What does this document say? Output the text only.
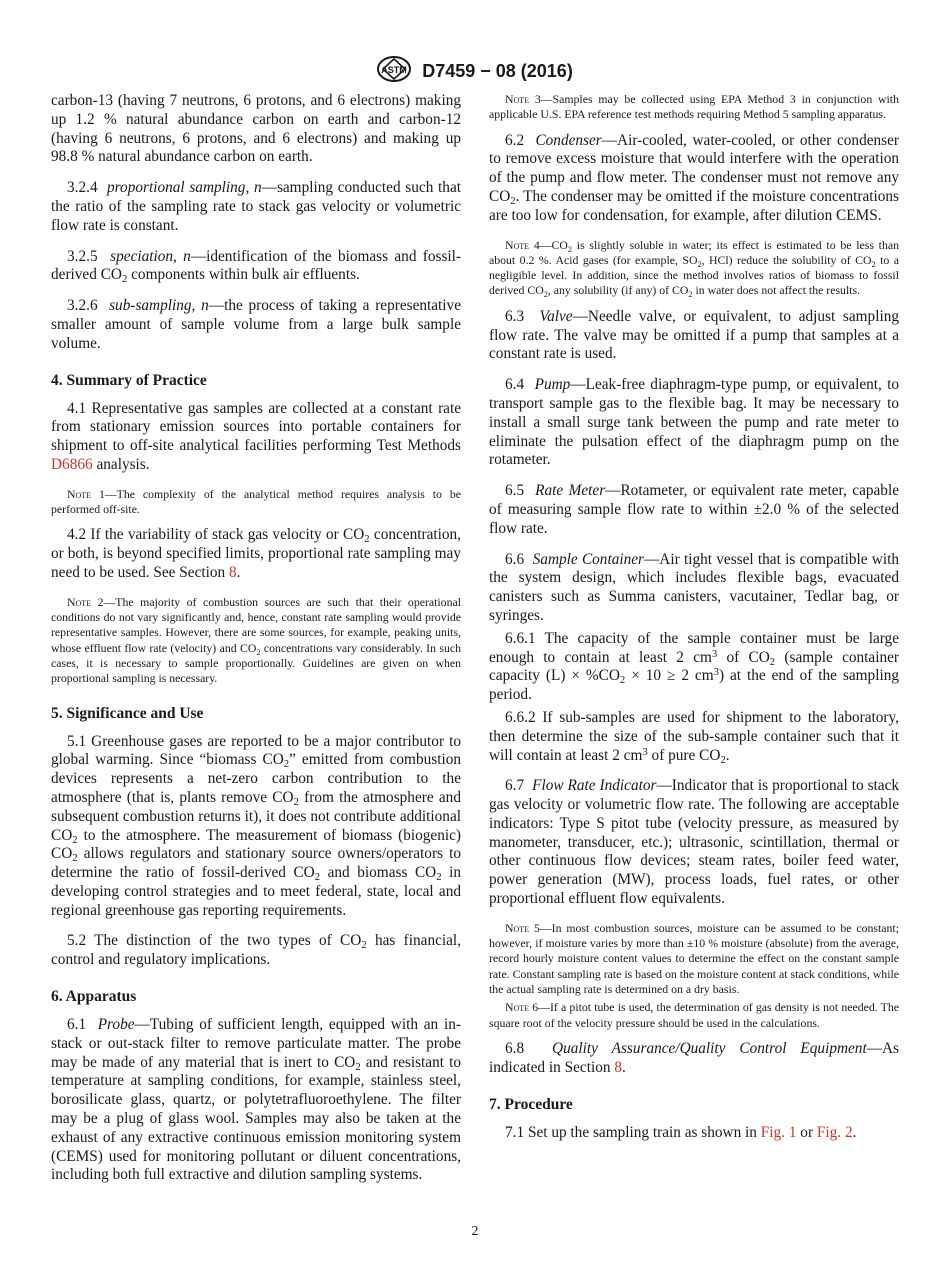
ASTM D7459 − 08 (2016)

carbon-13 (having 7 neutrons, 6 protons, and 6 electrons) making up 1.2 % natural abundance carbon on earth and carbon-12 (having 6 neutrons, 6 protons, and 6 electrons) and making up 98.8 % natural abundance carbon on earth.

3.2.4 proportional sampling, n—sampling conducted such that the ratio of the sampling rate to stack gas velocity or volumetric flow rate is constant.

3.2.5 speciation, n—identification of the biomass and fossil-derived $CO_2$ components within bulk air effluents.

3.2.6 sub-sampling, n—the process of taking a representative smaller amount of sample volume from a large bulk sample volume.

4. Summary of Practice

4.1 Representative gas samples are collected at a constant rate from stationary emission sources into portable containers for shipment to off-site analytical facilities performing Test Methods D6866 analysis.

Note 1—The complexity of the analytical method requires analysis to be performed off-site.

4.2 If the variability of stack gas velocity or $CO_2$ concentration, or both, is beyond specified limits, proportional rate sampling may need to be used. See Section 8.

Note 2—The majority of combustion sources are such that their operational conditions do not vary significantly and, hence, constant rate sampling would provide representative samples. However, there are some sources, for example, peaking units, whose effluent flow rate (velocity) and $CO_2$ concentrations vary considerably. In such cases, it is necessary to sample proportionally. Guidelines are given on when proportional sampling is necessary.

5. Significance and Use

5.1 Greenhouse gases are reported to be a major contributor to global warming. Since “biomass $CO_2$” emitted from combustion devices represents a net-zero carbon contribution to the atmosphere (that is, plants remove $CO_2$ from the atmosphere and subsequent combustion returns it), it does not contribute additional $CO_2$ to the atmosphere. The measurement of biomass (biogenic) $CO_2$ allows regulators and stationary source owners/operators to determine the ratio of fossil-derived $CO_2$ and biomass $CO_2$ in developing control strategies and to meet federal, state, local and regional greenhouse gas reporting requirements.

5.2 The distinction of the two types of $CO_2$ has financial, control and regulatory implications.

6. Apparatus

6.1 Probe—Tubing of sufficient length, equipped with an in-stack or out-stack filter to remove particulate matter. The probe may be made of any material that is inert to $CO_2$ and resistant to temperature at sampling conditions, for example, stainless steel, borosilicate glass, quartz, or polytetrafluoroethylene. The filter may be a plug of glass wool. Samples may also be taken at the exhaust of any extractive continuous emission monitoring system (CEMS) used for monitoring pollutant or diluent concentrations, including both full extractive and dilution sampling systems.

Note 3—Samples may be collected using EPA Method 3 in conjunction with applicable U.S. EPA reference test methods requiring Method 5 sampling apparatus.

6.2 Condenser—Air-cooled, water-cooled, or other condenser to remove excess moisture that would interfere with the operation of the pump and flow meter. The condenser must not remove any $CO_2$. The condenser may be omitted if the moisture concentrations are too low for condensation, for example, after dilution CEMS.

Note $4—CO_2$ is slightly soluble in water; its effect is estimated to be less than about 0.2 %. Acid gases (for example, $SO_2$, HCl) reduce the solubility of $CO_2$ to a negligible level. In addition, since the method involves ratios of biomass to fossil derived $CO_2$, any solubility (if any) of $CO_2$ in water does not affect the results.

6.3 Valve—Needle valve, or equivalent, to adjust sampling flow rate. The valve may be omitted if a pump that samples at a constant rate is used.

6.4 Pump—Leak-free diaphragm-type pump, or equivalent, to transport sample gas to the flexible bag. It may be necessary to install a small surge tank between the pump and rate meter to eliminate the pulsation effect of the diaphragm pump on the rotameter.

6.5 Rate Meter—Rotameter, or equivalent rate meter, capable of measuring sample flow rate to within ±2.0 % of the selected flow rate.

6.6 Sample Container—Air tight vessel that is compatible with the system design, which includes flexible bags, evacuated canisters such as Summa canisters, vacutainer, Tedlar bag, or syringes.

6.6.1 The capacity of the sample container must be large enough to contain at least 2 $cm^3$ of $CO_2$ (sample container capacity $(L) \times \%CO_2 \times 10 \ge 2$ $cm^3$) at the end of the sampling period.

6.6.2 If sub-samples are used for shipment to the laboratory, then determine the size of the sub-sample container such that it will contain at least 2 $cm^3$ of pure $CO_2$.

6.7 Flow Rate Indicator—Indicator that is proportional to stack gas velocity or volumetric flow rate. The following are acceptable indicators: Type S pitot tube (velocity pressure, as measured by manometer, transducer, etc.); ultrasonic, scintillation, thermal or other continuous flow devices; steam rates, boiler feed water, power generation (MW), process loads, fuel rates, or other proportional effluent flow equivalents.

Note 5—In most combustion sources, moisture can be assumed to be constant; however, if moisture varies by more than ±10 % moisture (absolute) from the average, record hourly moisture content values to determine the effect on the constant sample rate. Constant sampling rate is based on the moisture content at stack conditions, while the actual sampling rate is determined on a dry basis.

Note 6—If a pitot tube is used, the determination of gas density is not needed. The square root of the velocity pressure should be used in the calculations.

6.8 Quality Assurance/Quality Control Equipment—As indicated in Section 8.

7. Procedure

7.1 Set up the sampling train as shown in Fig. 1 or Fig. 2.

2
